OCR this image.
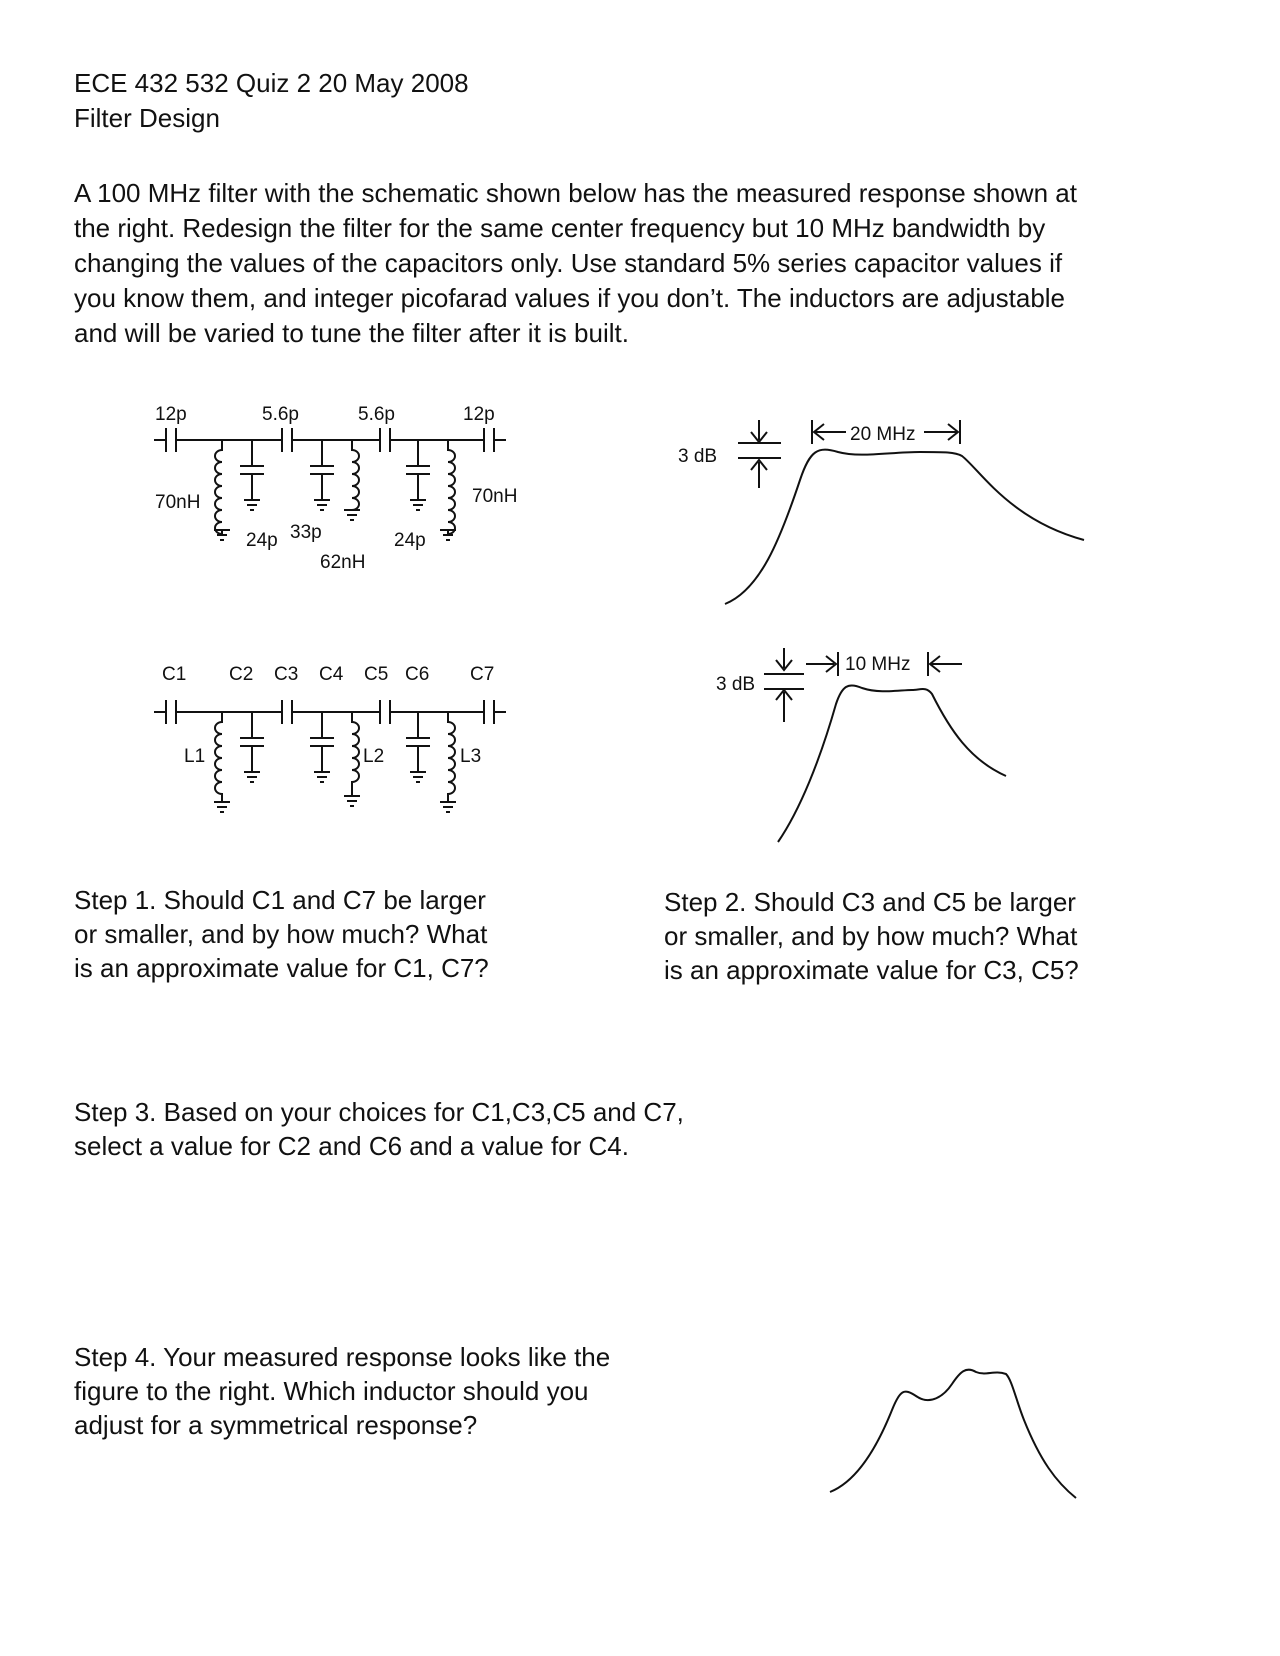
ECE 432 532 Quiz 2 20 May 2008
Filter Design
A 100 MHz filter with the schematic shown below has the measured response shown at
the right. Redesign the filter for the same center frequency but 10 MHz bandwidth by
changing the values of the capacitors only. Use standard 5% series capacitor values if
you know them, and integer picofarad values if you don’t. The inductors are adjustable
and will be varied to tune the filter after it is built.
12p	5.6p	5.6p	12p
70nH	70nH
24p 33p	24p
62nH
C1 C2 C3 C4 C5 C6 C7
L1	L2	L3
3 dB
20 MHz
3 dB
10 MHz
Step 1. Should C1 and C7 be larger
or smaller, and by how much? What
is an approximate value for C1, C7?
Step 2. Should C3 and C5 be larger
or smaller, and by how much? What
is an approximate value for C3, C5?
Step 3. Based on your choices for C1,C3,C5 and C7,
select a value for C2 and C6 and a value for C4.
Step 4. Your measured response looks like the
figure to the right. Which inductor should you
adjust for a symmetrical response?
